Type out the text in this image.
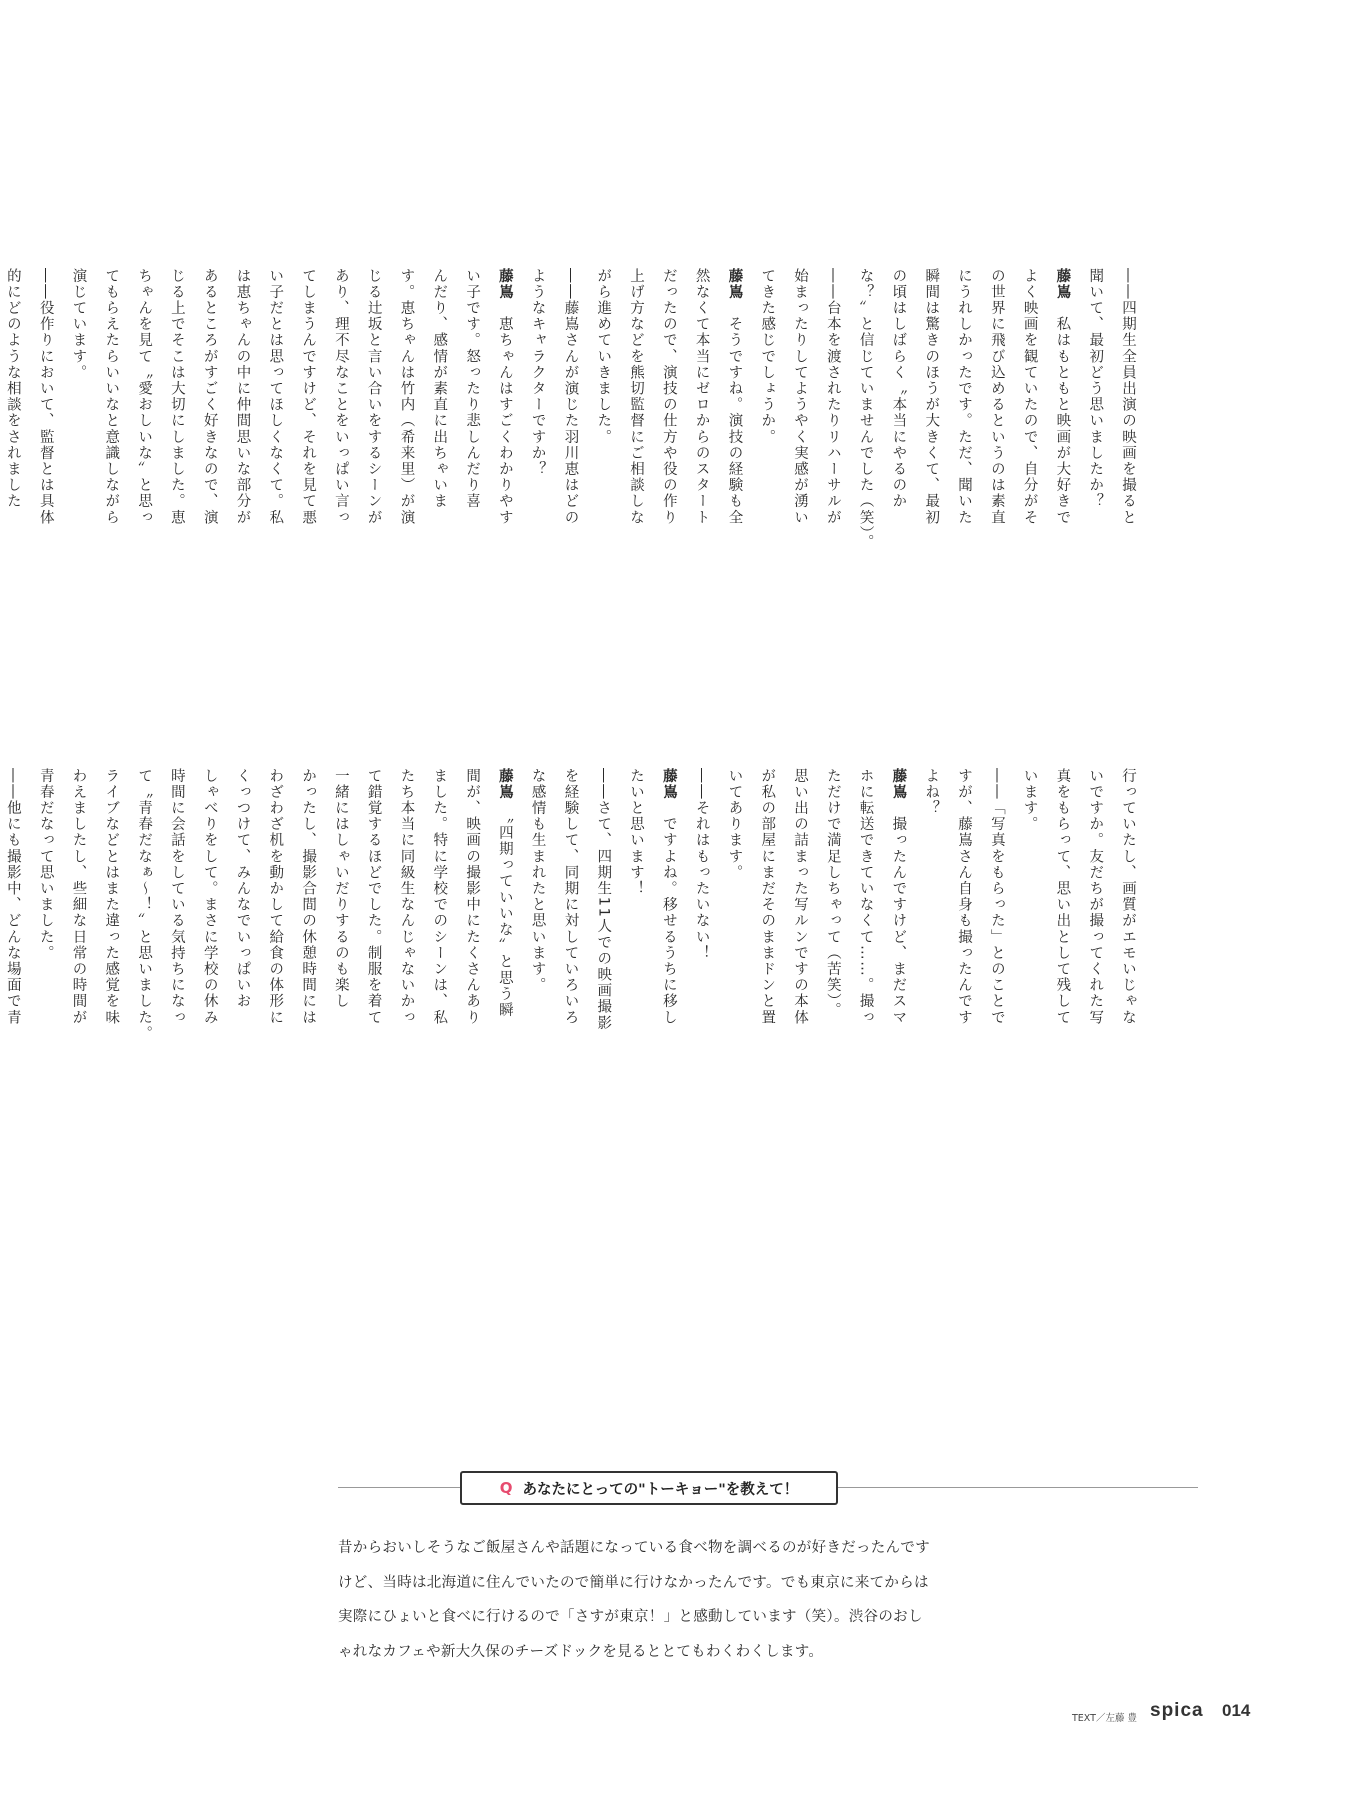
――四期生全員出演の映画を撮ると
聞いて、最初どう思いましたか？
藤嶌　私はもともと映画が大好きで
よく映画を観ていたので、自分がそ
の世界に飛び込めるというのは素直
にうれしかったです。ただ、聞いた
瞬間は驚きのほうが大きくて、最初
の頃はしばらく〝本当にやるのか
な？〟と信じていませんでした（笑）。
――台本を渡されたりリハーサルが
始まったりしてようやく実感が湧い
てきた感じでしょうか。
藤嶌　そうですね。演技の経験も全
然なくて本当にゼロからのスタート
だったので、演技の仕方や役の作り
上げ方などを熊切監督にご相談しな
がら進めていきました。
――藤嶌さんが演じた羽川恵はどの
ようなキャラクターですか？
藤嶌　恵ちゃんはすごくわかりやす
い子です。怒ったり悲しんだり喜
んだり、感情が素直に出ちゃいま
す。恵ちゃんは竹内（希来里）が演
じる辻坂と言い合いをするシーンが
あり、理不尽なことをいっぱい言っ
てしまうんですけど、それを見て悪
い子だとは思ってほしくなくて。私
は恵ちゃんの中に仲間思いな部分が
あるところがすごく好きなので、演
じる上でそこは大切にしました。恵
ちゃんを見て〝愛おしいな〟と思っ
てもらえたらいいなと意識しながら
演じています。
――役作りにおいて、監督とは具体
的にどのような相談をされました
行っていたし、画質がエモいじゃな
いですか。友だちが撮ってくれた写
真をもらって、思い出として残して
います。
――「写真をもらった」とのことで
すが、藤嶌さん自身も撮ったんです
よね？
藤嶌　撮ったんですけど、まだスマ
ホに転送できていなくて……。撮っ
ただけで満足しちゃって（苦笑）。
思い出の詰まった写ルンですの本体
が私の部屋にまだそのままドンと置
いてあります。
――それはもったいない！
藤嶌　ですよね。移せるうちに移し
たいと思います！
――さて、四期生11人での映画撮影
を経験して、同期に対していろいろ
な感情も生まれたと思います。
藤嶌　〝四期っていいな〟と思う瞬
間が、映画の撮影中にたくさんあり
ました。特に学校でのシーンは、私
たち本当に同級生なんじゃないかっ
て錯覚するほどでした。制服を着て
一緒にはしゃいだりするのも楽し
かったし、撮影合間の休憩時間には
わざわざ机を動かして給食の体形に
くっつけて、みんなでいっぱいお
しゃべりをして。まさに学校の休み
時間に会話をしている気持ちになっ
て〝青春だなぁ～！〟と思いました。
ライブなどとはまた違った感覚を味
わえましたし、些細な日常の時間が
青春だなって思いました。
――他にも撮影中、どんな場面で青
Q あなたにとっての"トーキョー"を教えて！
昔からおいしそうなご飯屋さんや話題になっている食べ物を調べるのが好きだったんです
けど、当時は北海道に住んでいたので簡単に行けなかったんです。でも東京に来てからは
実際にひょいと食べに行けるので「さすが東京！」と感動しています（笑）。渋谷のおし
ゃれなカフェや新大久保のチーズドックを見るととてもわくわくします。
TEXT／左藤 豊 spica 014
